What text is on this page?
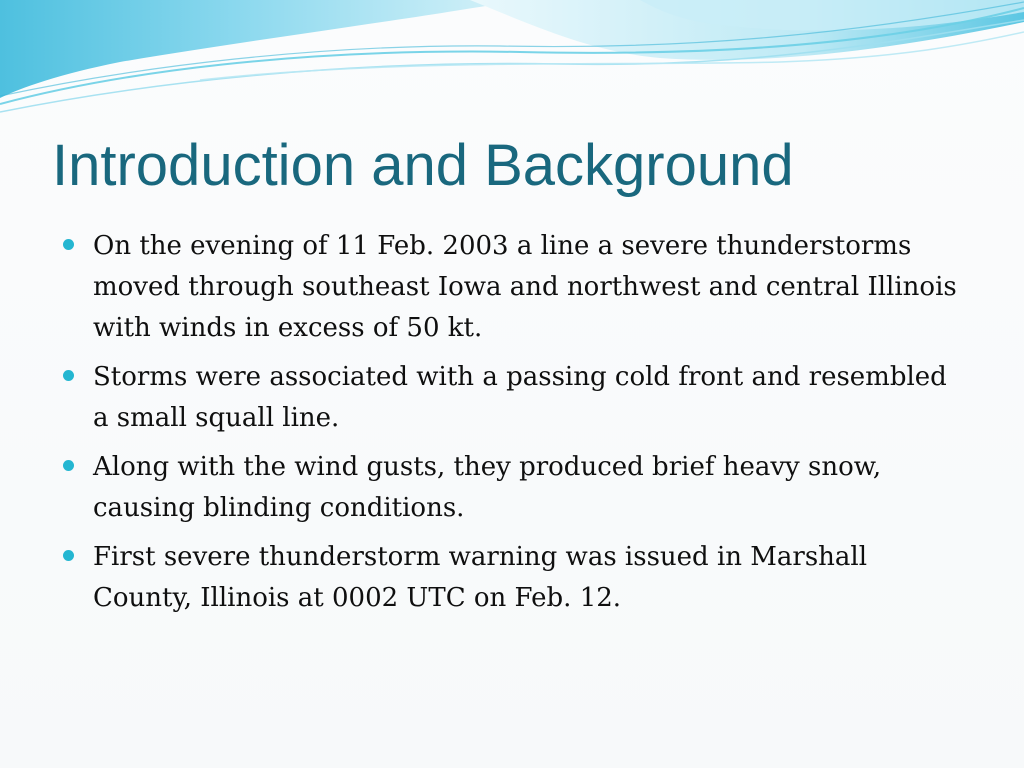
Introduction and Background
On the evening of 11 Feb. 2003 a line a severe thunderstorms moved through southeast Iowa and northwest and central Illinois with winds in excess of 50 kt.
Storms were associated with a passing cold front and resembled a small squall line.
Along with the wind gusts, they produced brief heavy snow, causing blinding conditions.
First severe thunderstorm warning was issued in Marshall County, Illinois at 0002 UTC on Feb. 12.
